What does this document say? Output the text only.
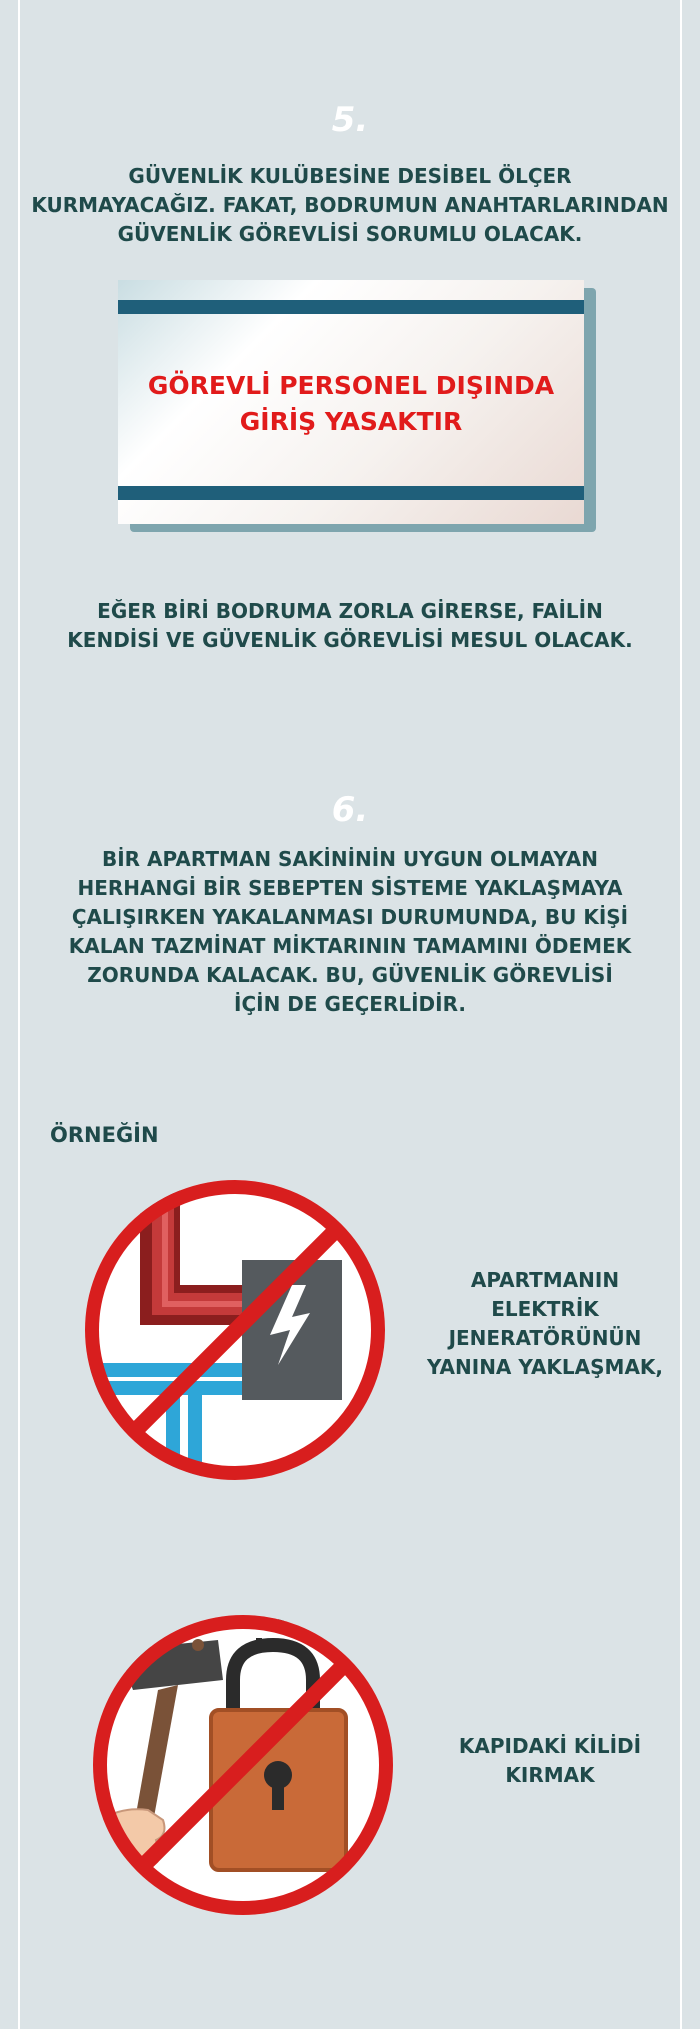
5.

GÜVENLİK KULÜBESİNE DESİBEL ÖLÇER
KURMAYACAĞIZ. FAKAT, BODRUMUN ANAHTARLARINDAN
GÜVENLİK GÖREVLİSİ SORUMLU OLACAK.

GÖREVLİ PERSONEL DIŞINDA
GİRİŞ YASAKTIR

EĞER BİRİ BODRUMA ZORLA GİRERSE, FAİLİN
KENDİSİ VE GÜVENLİK GÖREVLİSİ MESUL OLACAK.

6.

BİR APARTMAN SAKİNİNİN UYGUN OLMAYAN
HERHANGİ BİR SEBEPTEN SİSTEME YAKLAŞMAYA
ÇALIŞIRKEN YAKALANMASI DURUMUNDA, BU KİŞİ
KALAN TAZMİNAT MİKTARININ TAMAMINI ÖDEMEK
ZORUNDA KALACAK. BU, GÜVENLİK GÖREVLİSİ
İÇİN DE GEÇERLİDİR.

ÖRNEĞİN
APARTMANIN
ELEKTRİK
JENERATÖRÜNÜN
YANINA YAKLAŞMAK,
KAPIDAKİ KİLİDİ
KIRMAK
